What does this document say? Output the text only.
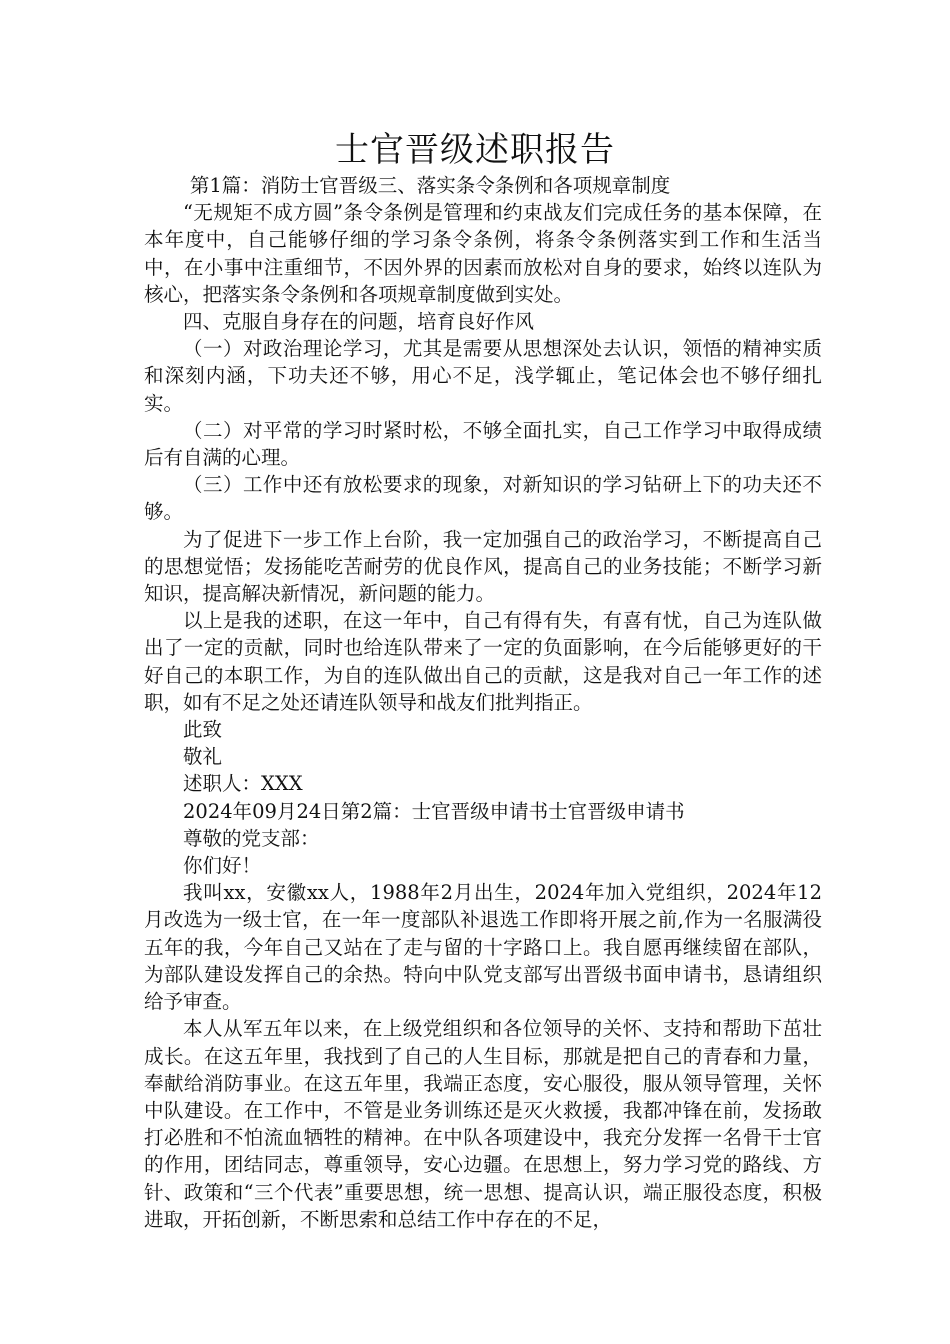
士官晋级述职报告

第1篇：消防士官晋级三、落实条令条例和各项规章制度

“无规矩不成方圆”条令条例是管理和约束战友们完成任务的基本保障，在本年度中，自己能够仔细的学习条令条例，将条令条例落实到工作和生活当中，在小事中注重细节，不因外界的因素而放松对自身的要求，始终以连队为核心，把落实条令条例和各项规章制度做到实处。

四、克服自身存在的问题，培育良好作风

（一）对政治理论学习，尤其是需要从思想深处去认识，领悟的精神实质和深刻内涵，下功夫还不够，用心不足，浅学辄止，笔记体会也不够仔细扎实。

（二）对平常的学习时紧时松，不够全面扎实，自己工作学习中取得成绩后有自满的心理。

（三）工作中还有放松要求的现象，对新知识的学习钻研上下的功夫还不够。

为了促进下一步工作上台阶，我一定加强自己的政治学习，不断提高自己的思想觉悟；发扬能吃苦耐劳的优良作风，提高自己的业务技能；不断学习新知识，提高解决新情况，新问题的能力。

以上是我的述职，在这一年中，自己有得有失，有喜有忧，自己为连队做出了一定的贡献，同时也给连队带来了一定的负面影响，在今后能够更好的干好自己的本职工作，为自的连队做出自己的贡献，这是我对自己一年工作的述职，如有不足之处还请连队领导和战友们批判指正。

此致

敬礼

述职人：XXX

2024年09月24日第2篇：士官晋级申请书士官晋级申请书

尊敬的党支部：

你们好！

我叫xx，安徽xx人，1988年2月出生，2024年加入党组织，2024年12月改选为一级士官，在一年一度部队补退选工作即将开展之前,作为一名服满役五年的我，今年自己又站在了走与留的十字路口上。我自愿再继续留在部队，为部队建设发挥自己的余热。特向中队党支部写出晋级书面申请书，恳请组织给予审查。

本人从军五年以来，在上级党组织和各位领导的关怀、支持和帮助下茁壮成长。在这五年里，我找到了自己的人生目标，那就是把自己的青春和力量，奉献给消防事业。在这五年里，我端正态度，安心服役，服从领导管理，关怀中队建设。在工作中，不管是业务训练还是灭火救援，我都冲锋在前，发扬敢打必胜和不怕流血牺牲的精神。在中队各项建设中，我充分发挥一名骨干士官的作用，团结同志，尊重领导，安心边疆。在思想上，努力学习党的路线、方针、政策和“三个代表”重要思想，统一思想、提高认识，端正服役态度，积极进取，开拓创新，不断思索和总结工作中存在的不足，
